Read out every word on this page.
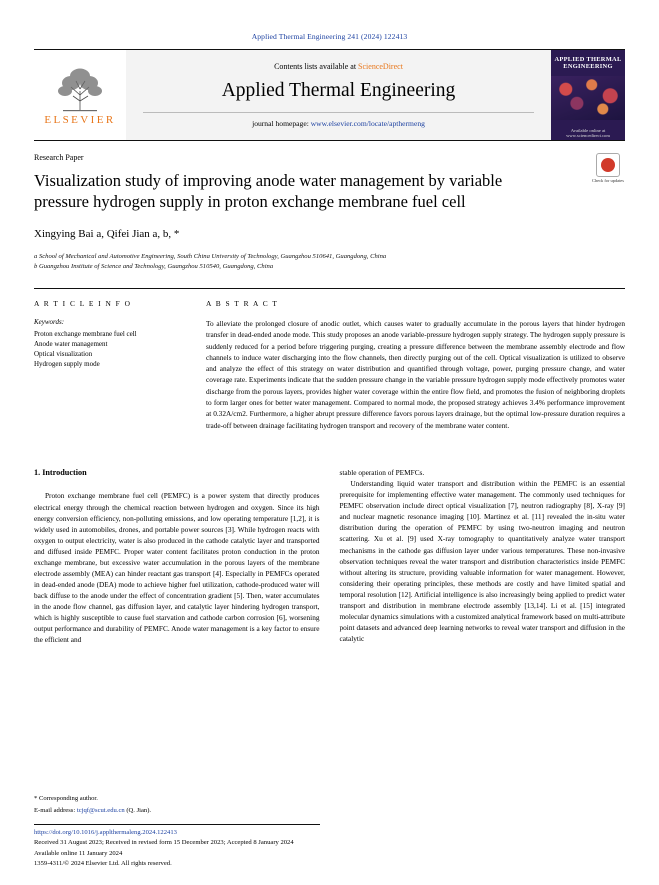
Applied Thermal Engineering 241 (2024) 122413
ELSEVIER
Contents lists available at ScienceDirect
Applied Thermal Engineering
journal homepage: www.elsevier.com/locate/apthermeng
APPLIED THERMAL ENGINEERING
Available online at www.sciencedirect.com
Research Paper
Check for updates
Visualization study of improving anode water management by variable pressure hydrogen supply in proton exchange membrane fuel cell
Xingying Bai a, Qifei Jian a, b, *
a School of Mechanical and Automotive Engineering, South China University of Technology, Guangzhou 510641, Guangdong, China
b Guangzhou Institute of Science and Technology, Guangzhou 510540, Guangdong, China
A R T I C L E I N F O
Keywords:
Proton exchange membrane fuel cell
Anode water management
Optical visualization
Hydrogen supply mode
A B S T R A C T
To alleviate the prolonged closure of anodic outlet, which causes water to gradually accumulate in the porous layers that hinder hydrogen transfer in dead-ended anode mode. This study proposes an anode variable-pressure hydrogen supply strategy. The hydrogen supply pressure is suddenly reduced for a period before triggering purging, creating a pressure difference between the membrane assembly electrode and flow channels to induce water discharging into the flow channels, then directly purging out of the cell. Optical visualization is utilized to observe and analyze the effect of this strategy on water distribution and quantified through voltage, power, purging pressure change, and water coverage rate. Experiments indicate that the sudden pressure change in the variable pressure hydrogen supply mode effectively promotes water discharge from the porous layers, provides higher water coverage within the entire flow field, and promotes the fusion of neighboring droplets to form larger ones for better water management. Compared to normal mode, the proposed strategy achieves 3.4% performance improvement at 0.32A/cm2. Furthermore, a higher abrupt pressure difference favors porous layers drainage, but the optimal low-pressure duration requires a trade-off between drainage facilitating hydrogen transport and recovery of the membrane water content.
1. Introduction

Proton exchange membrane fuel cell (PEMFC) is a power system that directly produces electrical energy through the chemical reaction between hydrogen and oxygen. Since its high energy conversion efficiency, non-polluting emissions, and low operating temperature [1,2], it is widely used in automobiles, drones, and portable power sources [3]. While hydrogen reacts with oxygen to output electricity, water is also produced in the cathode catalytic layer and transported and diffused inside PEMFC. Proper water content facilitates proton conduction in the proton exchange membrane, but excessive water accumulation in the porous layers of the membrane electrode assembly (MEA) can hinder reactant gas transport [4]. Especially in PEMFCs operated in dead-ended anode (DEA) mode to achieve higher fuel utilization, cathode-produced water will back diffuse to the anode under the effect of concentration gradient [5]. Then, water accumulates in the anode flow channel, gas diffusion layer, and catalytic layer hindering hydrogen transport, which is highly susceptible to cause fuel starvation and cathode carbon corrosion [6], worsening output performance and durability of PEMFC. Anode water management is a key factor to ensure the efficient and

stable operation of PEMFCs.

Understanding liquid water transport and distribution within the PEMFC is an essential prerequisite for implementing effective water management. The commonly used techniques for PEMFC observation include direct optical visualization [7], neutron radiography [8], X-ray [9] and nuclear magnetic resonance imaging [10]. Martinez et al. [11] revealed the in-situ water distribution during the operation of PEMFC by using two-neutron imaging and neutron scattering. Xu et al. [9] used X-ray tomography to quantitatively analyze water transport mechanisms in the cathode gas diffusion layer under various temperatures. These non-invasive observation techniques reveal the water transport and distribution characteristics inside PEMFC without altering its structure, providing valuable information for water management. However, considering their operating principles, these methods are costly and have limited spatial and temporal resolution [12]. Artificial intelligence is also increasingly being applied to predict water transport and distribution in membrane electrode assembly [13,14]. Li et al. [15] integrated molecular dynamics simulations with a customized analytical framework based on multi-attribute point datasets and advanced deep learning networks to reveal water transport and diffusion in the catalytic

* Corresponding author.
E-mail address: tcjqf@scut.edu.cn (Q. Jian).
https://doi.org/10.1016/j.applthermaleng.2024.122413
Received 31 August 2023; Received in revised form 15 December 2023; Accepted 8 January 2024
Available online 11 January 2024
1359-4311/© 2024 Elsevier Ltd. All rights reserved.
